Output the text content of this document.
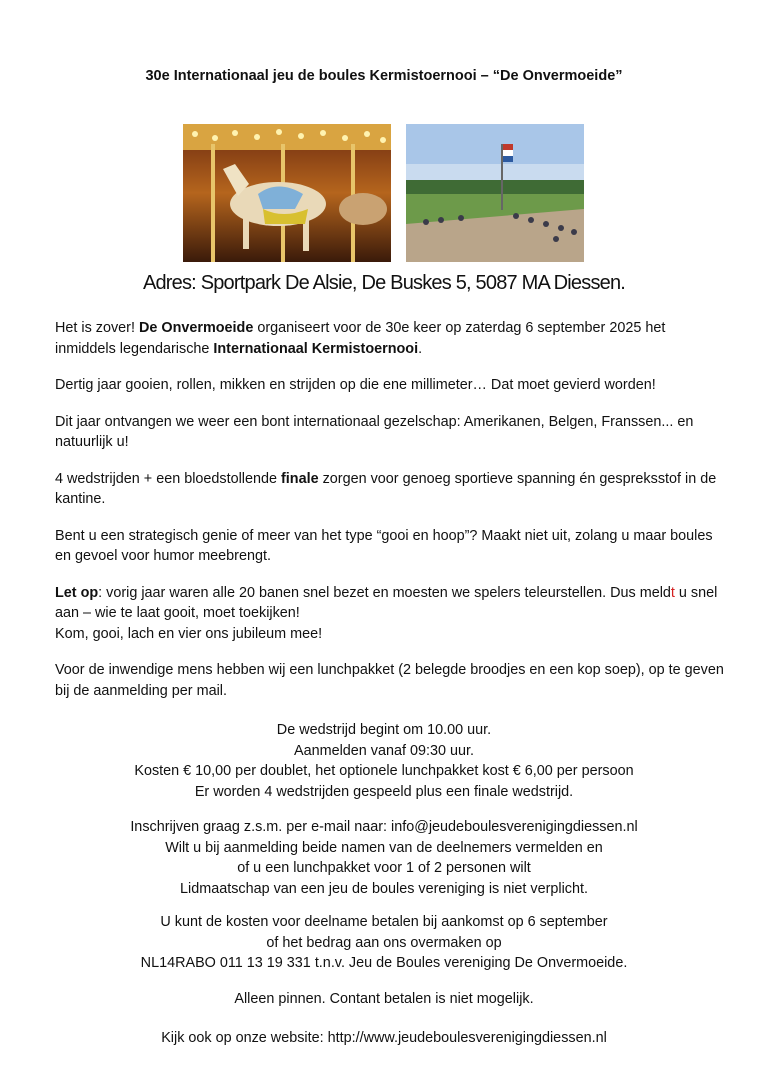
30e Internationaal jeu de boules Kermistoernooi – “De Onvermoeide”
Adres: Sportpark De Alsie, De Buskes 5, 5087 MA Diessen.

Het is zover! De Onvermoeide organiseert voor de 30e keer op zaterdag 6 september 2025 het inmiddels legendarische Internationaal Kermistoernooi.

Dertig jaar gooien, rollen, mikken en strijden op die ene millimeter… Dat moet gevierd worden!

Dit jaar ontvangen we weer een bont internationaal gezelschap: Amerikanen, Belgen, Franssen... en natuurlijk u!

4 wedstrijden + een bloedstollende finale zorgen voor genoeg sportieve spanning én gespreksstof in de kantine.

Bent u een strategisch genie of meer van het type “gooi en hoop”? Maakt niet uit, zolang u maar boules en gevoel voor humor meebrengt.

Let op: vorig jaar waren alle 20 banen snel bezet en moesten we spelers teleurstellen. Dus meldt u snel aan – wie te laat gooit, moet toekijken!
Kom, gooi, lach en vier ons jubileum mee!

Voor de inwendige mens hebben wij een lunchpakket (2 belegde broodjes en een kop soep), op te geven bij de aanmelding per mail.

De wedstrijd begint om 10.00 uur.
Aanmelden vanaf 09:30 uur.
Kosten € 10,00 per doublet, het optionele lunchpakket kost € 6,00 per persoon
Er worden 4 wedstrijden gespeeld plus een finale wedstrijd.
Inschrijven graag z.s.m. per e-mail naar: info@jeudeboulesverenigingdiessen.nl
Wilt u bij aanmelding beide namen van de deelnemers vermelden en
of u een lunchpakket voor 1 of 2 personen wilt
Lidmaatschap van een jeu de boules vereniging is niet verplicht.
U kunt de kosten voor deelname betalen bij aankomst op 6 september
of het bedrag aan ons overmaken op
NL14RABO 011 13 19 331 t.n.v. Jeu de Boules vereniging De Onvermoeide.
Alleen pinnen. Contant betalen is niet mogelijk.
Kijk ook op onze website: http://www.jeudeboulesverenigingdiessen.nl
